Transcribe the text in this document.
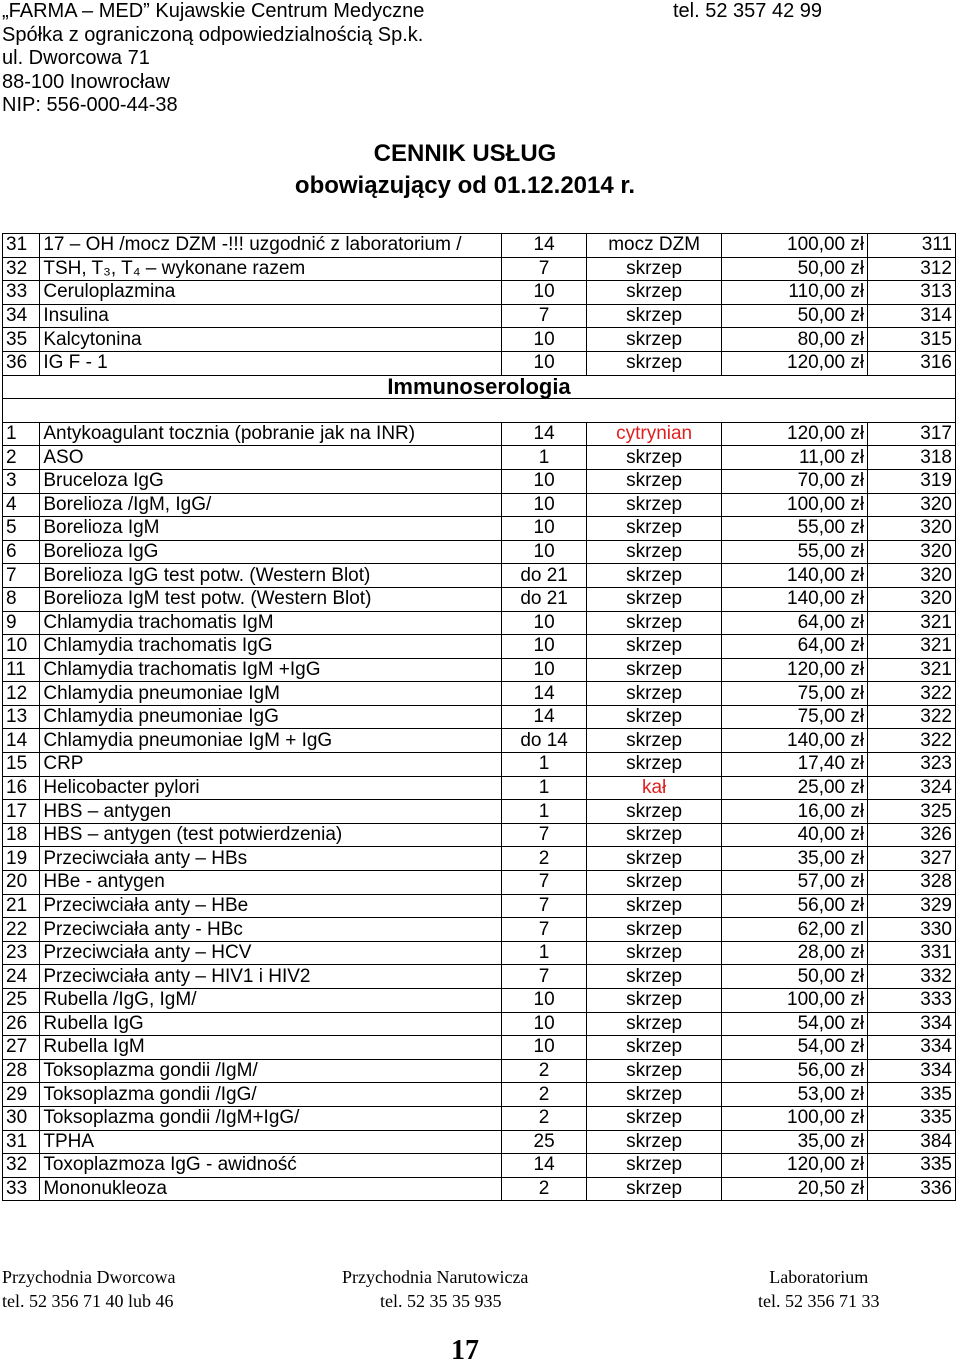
„FARMA – MED” Kujawskie Centrum Medyczne
Spółka z ograniczoną odpowiedzialnością Sp.k.
ul. Dworcowa 71
88-100 Inowrocław
NIP: 556-000-44-38
tel. 52 357 42 99
CENNIK USŁUG
obowiązujący od 01.12.2014 r.
31	17 – OH /mocz DZM -!!! uzgodnić z laboratorium /	14	mocz DZM	100,00 zł	311
32	TSH, T₃, T₄ – wykonane razem	7	skrzep	50,00 zł	312
33	Ceruloplazmina	10	skrzep	110,00 zł	313
34	Insulina	7	skrzep	50,00 zł	314
35	Kalcytonina	10	skrzep	80,00 zł	315
36	IG F - 1	10	skrzep	120,00 zł	316
Immunoserologia					

1	Antykoagulant tocznia (pobranie jak na INR)	14	cytrynian	120,00 zł	317
2	ASO	1	skrzep	11,00 zł	318
3	Bruceloza IgG	10	skrzep	70,00 zł	319
4	Borelioza /IgM, IgG/	10	skrzep	100,00 zł	320
5	Borelioza IgM	10	skrzep	55,00 zł	320
6	Borelioza IgG	10	skrzep	55,00 zł	320
7	Borelioza IgG test potw. (Western Blot)	do 21	skrzep	140,00 zł	320
8	Borelioza IgM test potw. (Western Blot)	do 21	skrzep	140,00 zł	320
9	Chlamydia trachomatis IgM	10	skrzep	64,00 zł	321
10	Chlamydia trachomatis IgG	10	skrzep	64,00 zł	321
11	Chlamydia trachomatis IgM +IgG	10	skrzep	120,00 zł	321
12	Chlamydia pneumoniae IgM	14	skrzep	75,00 zł	322
13	Chlamydia pneumoniae IgG	14	skrzep	75,00 zł	322
14	Chlamydia pneumoniae IgM + IgG	do 14	skrzep	140,00 zł	322
15	CRP	1	skrzep	17,40 zł	323
16	Helicobacter pylori	1	kał	25,00 zł	324
17	HBS – antygen	1	skrzep	16,00 zł	325
18	HBS – antygen (test potwierdzenia)	7	skrzep	40,00 zł	326
19	Przeciwciała anty – HBs	2	skrzep	35,00 zł	327
20	HBe - antygen	7	skrzep	57,00 zł	328
21	Przeciwciała anty – HBe	7	skrzep	56,00 zł	329
22	Przeciwciała anty - HBc	7	skrzep	62,00 zl	330
23	Przeciwciała anty – HCV	1	skrzep	28,00 zł	331
24	Przeciwciała anty – HIV1 i HIV2	7	skrzep	50,00 zł	332
25	Rubella /IgG, IgM/	10	skrzep	100,00 zł	333
26	Rubella IgG	10	skrzep	54,00 zł	334
27	Rubella IgM	10	skrzep	54,00 zł	334
28	Toksoplazma gondii /IgM/	2	skrzep	56,00 zł	334
29	Toksoplazma gondii /IgG/	2	skrzep	53,00 zł	335
30	Toksoplazma gondii /IgM+IgG/	2	skrzep	100,00 zł	335
31	TPHA	25	skrzep	35,00 zł	384
32	Toxoplazmoza IgG - awidność	14	skrzep	120,00 zł	335
33	Mononukleoza	2	skrzep	20,50 zł	336
Przychodnia Dworcowa
tel. 52 356 71 40 lub 46
Przychodnia Narutowicza
tel. 52 35 35 935
Laboratorium
tel. 52 356 71 33
17
